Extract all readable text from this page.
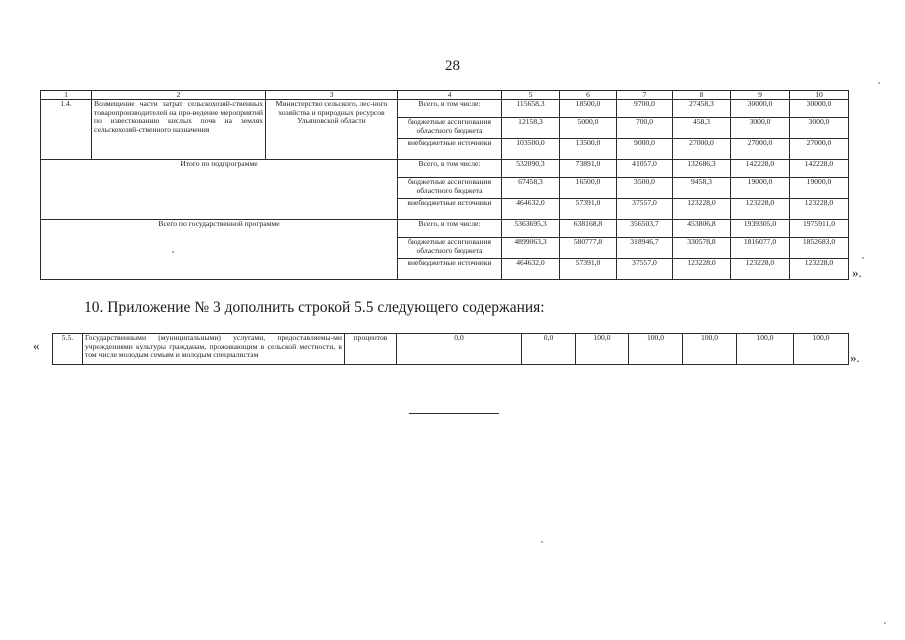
28
1	2	3	4	5	6	7	8	9	10
1.4.	Возмещение части затрат сельскохозяй-ственных товаропроизводителей на про-ведение мероприятий по известкованию кислых почв на землях сельскохозяй-ственного назначения	Министерство сельского, лес-ного хозяйства и природных ресурсов Ульяновской области	Всего, в том числе:	115658,3	18500,0	9700,0	27458,3	30000,0	30000,0
			бюджетные ассигнования областного бюджета	12158,3	5000,0	700,0	458,3	3000,0	3000,0
			внебюджетные источники	103500,0	13500,0	9000,0	27000,0	27000,0	27000,0
Итого по подпрограмме			Всего, в том числе:	532090,3	73891,0	41057,0	132686,3	142228,0	142228,0
			бюджетные ассигнования областного бюджета	67458,3	16500,0	3500,0	9458,3	19000,0	19000,0
			внебюджетные источники	464632,0	57391,0	37557,0	123228,0	123228,0	123228,0
Всего по государственной программе			Всего, в том числе:	5363695,3	638168,8	356503,7	453806,8	1939305,0	1975911,0
			бюджетные ассигнования областного бюджета	4899063,3	580777,8	318946,7	330578,8	1816077,0	1852683,0
			внебюджетные источники	464632,0	57391,0	37557,0	123228,0	123228,0	123228,0
».
,
10. Приложение № 3 дополнить строкой 5.5 следующего содержания:
«
5.5.	Государственными (муниципальными) услугами, предоставляемы-ми учреждениями культуры гражданам, проживающим в сельской местности, в том числе молодым семьям и молодым специалистам	процентов	0,0	0,0	100,0	100,0	100,0	100,0	100,0
».
